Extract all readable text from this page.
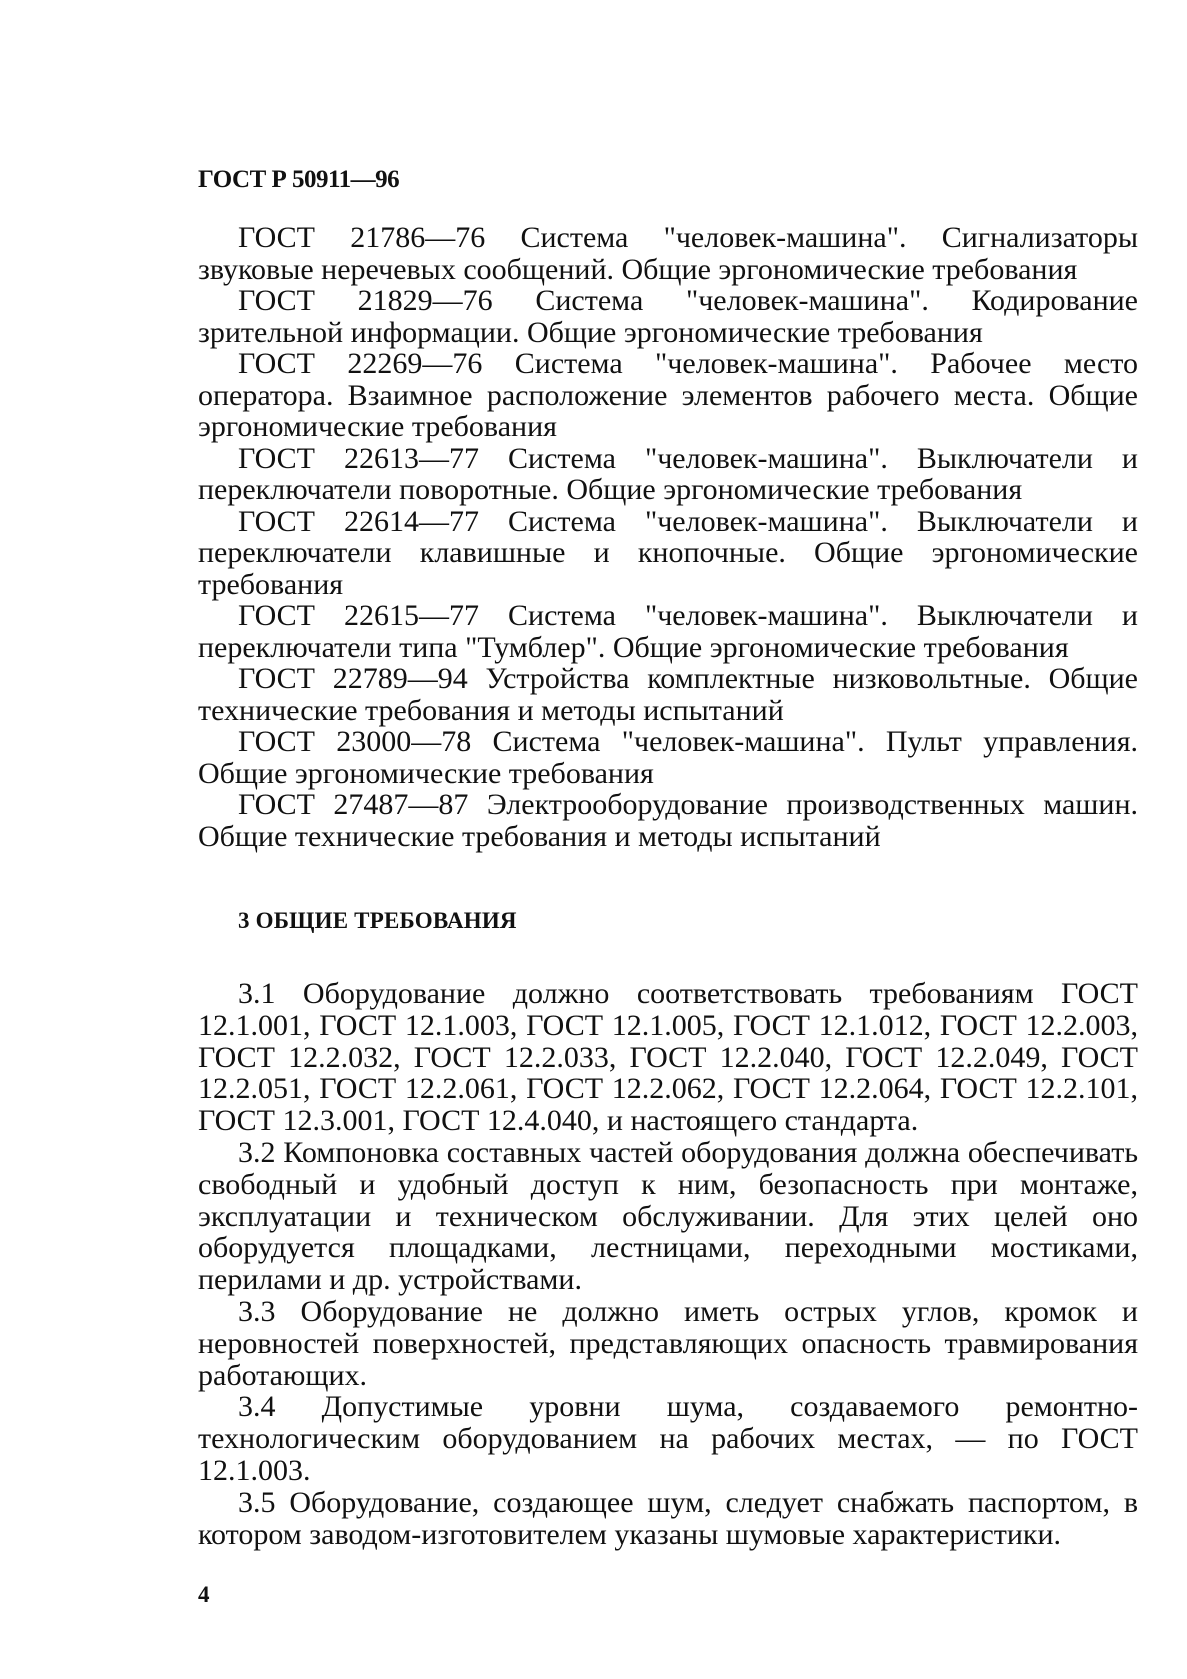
ГОСТ Р 50911—96

ГОСТ 21786—76 Система "человек-машина". Сигнализаторы звуковые неречевых сообщений. Общие эргономические требования

ГОСТ 21829—76 Система "человек-машина". Кодирование зрительной информации. Общие эргономические требования

ГОСТ 22269—76 Система "человек-машина". Рабочее место оператора. Взаимное расположение элементов рабочего места. Общие эргономические требования

ГОСТ 22613—77 Система "человек-машина". Выключатели и переключатели поворотные. Общие эргономические требования

ГОСТ 22614—77 Система "человек-машина". Выключатели и переключатели клавишные и кнопочные. Общие эргономические требования

ГОСТ 22615—77 Система "человек-машина". Выключатели и переключатели типа "Тумблер". Общие эргономические требования

ГОСТ 22789—94 Устройства комплектные низковольтные. Общие технические требования и методы испытаний

ГОСТ 23000—78 Система "человек-машина". Пульт управления. Общие эргономические требования

ГОСТ 27487—87 Электрооборудование производственных машин. Общие технические требования и методы испытаний

3 ОБЩИЕ ТРЕБОВАНИЯ

3.1 Оборудование должно соответствовать требованиям ГОСТ 12.1.001, ГОСТ 12.1.003, ГОСТ 12.1.005, ГОСТ 12.1.012, ГОСТ 12.2.003, ГОСТ 12.2.032, ГОСТ 12.2.033, ГОСТ 12.2.040, ГОСТ 12.2.049, ГОСТ 12.2.051, ГОСТ 12.2.061, ГОСТ 12.2.062, ГОСТ 12.2.064, ГОСТ 12.2.101, ГОСТ 12.3.001, ГОСТ 12.4.040, и настоящего стандарта.

3.2 Компоновка составных частей оборудования должна обеспечивать свободный и удобный доступ к ним, безопасность при монтаже, эксплуатации и техническом обслуживании. Для этих целей оно оборудуется площадками, лестницами, переходными мостиками, перилами и др. устройствами.

3.3 Оборудование не должно иметь острых углов, кромок и неровностей поверхностей, представляющих опасность травмирования работающих.

3.4 Допустимые уровни шума, создаваемого ремонтно-технологическим оборудованием на рабочих местах, — по ГОСТ 12.1.003.

3.5 Оборудование, создающее шум, следует снабжать паспортом, в котором заводом-изготовителем указаны шумовые характеристики.

4
